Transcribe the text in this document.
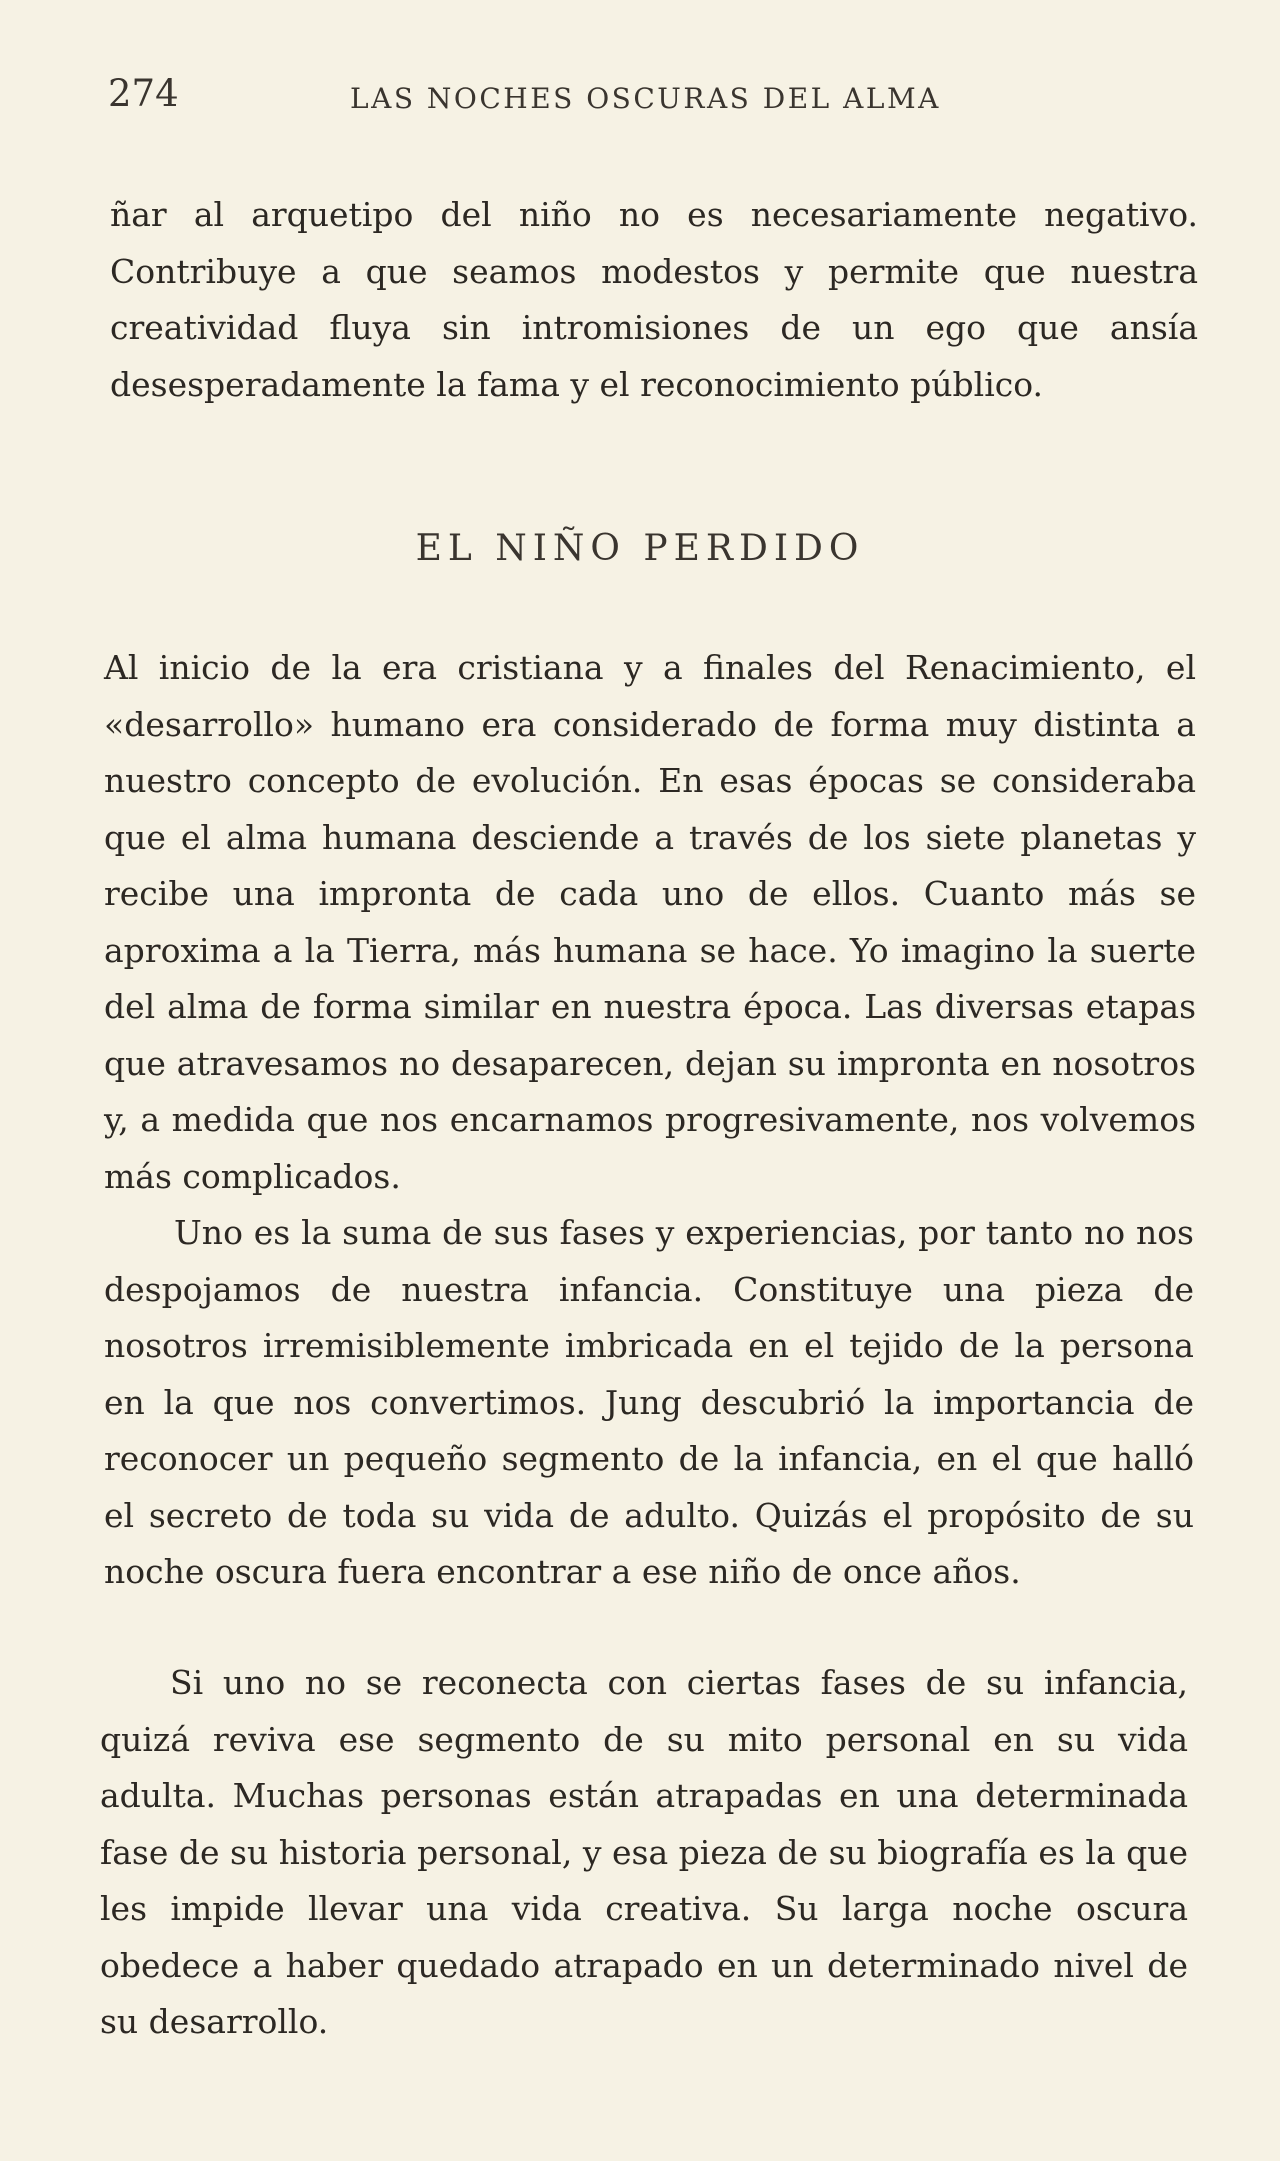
274	LAS NOCHES OSCURAS DEL ALMA

ñar al arquetipo del niño no es necesariamente negativo. Contribuye a que seamos modestos y permite que nuestra creatividad fluya sin intromisiones de un ego que ansía desesperadamente la fama y el reconocimiento público.

EL NIÑO PERDIDO

Al inicio de la era cristiana y a finales del Renacimiento, el «desarrollo» humano era considerado de forma muy distinta a nuestro concepto de evolución. En esas épocas se consideraba que el alma humana desciende a través de los siete planetas y recibe una impronta de cada uno de ellos. Cuanto más se aproxima a la Tierra, más humana se hace. Yo imagino la suerte del alma de forma similar en nuestra época. Las diversas etapas que atravesamos no desaparecen, dejan su impronta en nosotros y, a medida que nos encarnamos progresivamente, nos volvemos más complicados.

Uno es la suma de sus fases y experiencias, por tanto no nos despojamos de nuestra infancia. Constituye una pieza de nosotros irremisiblemente imbricada en el tejido de la persona en la que nos convertimos. Jung descubrió la importancia de reconocer un pequeño segmento de la infancia, en el que halló el secreto de toda su vida de adulto. Quizás el propósito de su noche oscura fuera encontrar a ese niño de once años.

Si uno no se reconecta con ciertas fases de su infancia, quizá reviva ese segmento de su mito personal en su vida adulta. Muchas personas están atrapadas en una determinada fase de su historia personal, y esa pieza de su biografía es la que les impide llevar una vida creativa. Su larga noche oscura obedece a haber quedado atrapado en un determinado nivel de su desarrollo.
